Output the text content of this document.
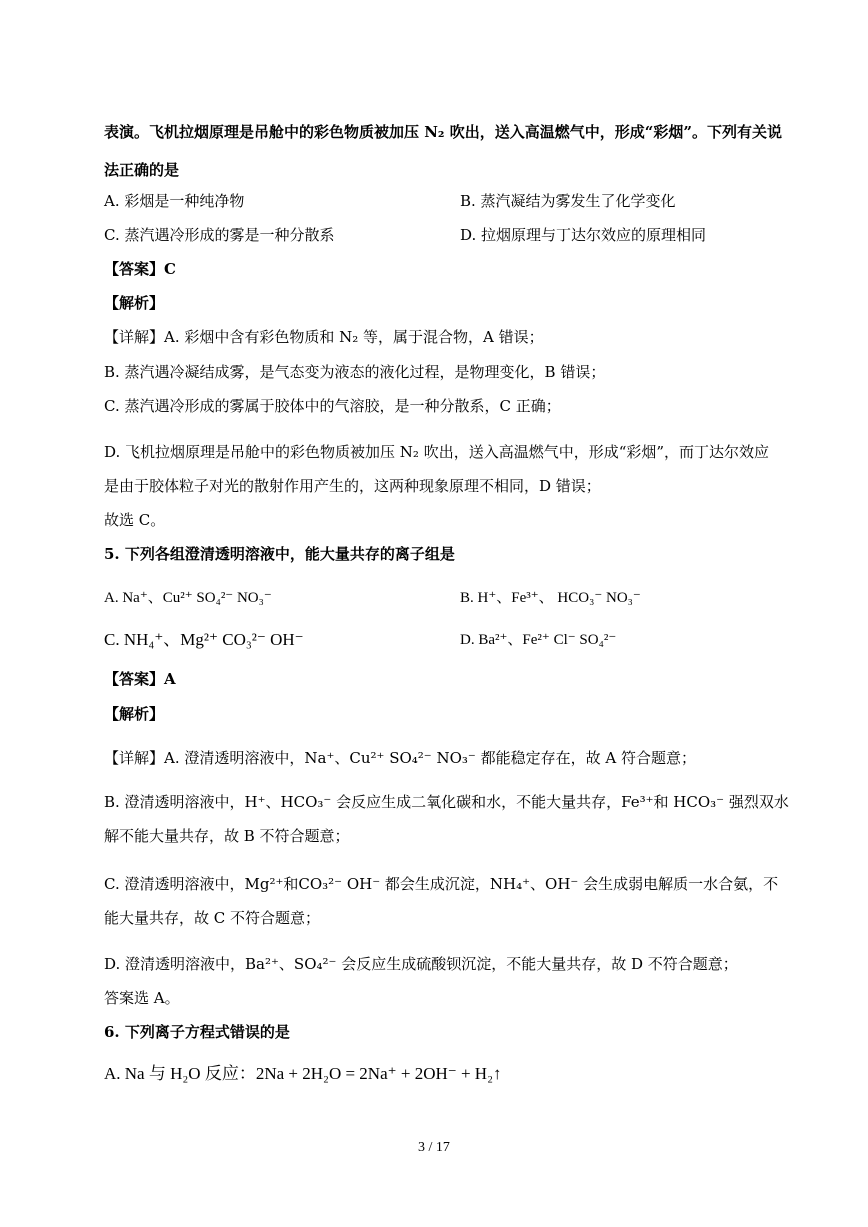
表演。飞机拉烟原理是吊舱中的彩色物质被加压 N₂ 吹出，送入高温燃气中，形成“彩烟”。下列有关说
法正确的是
A. 彩烟是一种纯净物	B. 蒸汽凝结为雾发生了化学变化
C. 蒸汽遇冷形成的雾是一种分散系	D. 拉烟原理与丁达尔效应的原理相同
【答案】C
【解析】
【详解】A. 彩烟中含有彩色物质和 N₂ 等，属于混合物，A 错误；
B. 蒸汽遇冷凝结成雾，是气态变为液态的液化过程，是物理变化，B 错误；
C. 蒸汽遇冷形成的雾属于胶体中的气溶胶，是一种分散系，C 正确；
D. 飞机拉烟原理是吊舱中的彩色物质被加压 N₂ 吹出，送入高温燃气中，形成“彩烟”，而丁达尔效应
是由于胶体粒子对光的散射作用产生的，这两种现象原理不相同，D 错误；
故选 C。
5. 下列各组澄清透明溶液中，能大量共存的离子组是
A. Na⁺、Cu²⁺ SO₄²⁻ NO₃⁻	B. H⁺、Fe³⁺、 HCO₃⁻ NO₃⁻
C. NH₄⁺、Mg²⁺ CO₃²⁻ OH⁻	D. Ba²⁺、Fe²⁺ Cl⁻ SO₄²⁻
【答案】A
【解析】
【详解】A. 澄清透明溶液中，Na⁺、Cu²⁺ SO₄²⁻ NO₃⁻ 都能稳定存在，故 A 符合题意；
B. 澄清透明溶液中，H⁺、HCO₃⁻ 会反应生成二氧化碳和水，不能大量共存，Fe³⁺和 HCO₃⁻ 强烈双水
解不能大量共存，故 B 不符合题意；
C. 澄清透明溶液中，Mg²⁺和CO₃²⁻ OH⁻ 都会生成沉淀，NH₄⁺、OH⁻ 会生成弱电解质一水合氨，不
能大量共存，故 C 不符合题意；
D. 澄清透明溶液中，Ba²⁺、SO₄²⁻ 会反应生成硫酸钡沉淀，不能大量共存，故 D 不符合题意；
答案选 A。
6. 下列离子方程式错误的是
A. Na 与 H₂O 反应：2Na + 2H₂O = 2Na⁺ + 2OH⁻ + H₂↑
3 / 17
